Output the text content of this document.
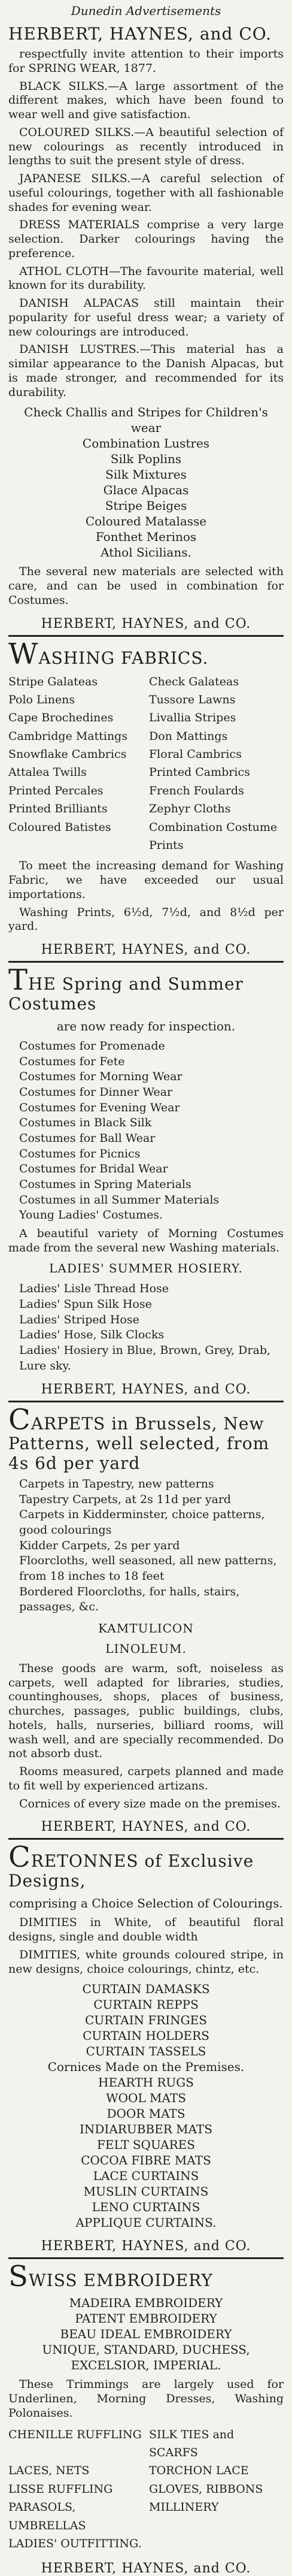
Dunedin Advertisements
HERBERT, HAYNES, and CO.
respectfully invite attention to their imports for SPRING WEAR, 1877.
BLACK SILKS.—A large assortment of the different makes, which have been found to wear well and give satisfaction.
COLOURED SILKS.—A beautiful selection of new colourings as recently introduced in lengths to suit the present style of dress.
JAPANESE SILKS.—A careful selection of useful colourings, together with all fashionable shades for evening wear.
DRESS MATERIALS comprise a very large selection. Darker colourings having the preference.
ATHOL CLOTH—The favourite material, well known for its durability.
DANISH ALPACAS still maintain their popularity for useful dress wear; a variety of new colourings are introduced.
DANISH LUSTRES.—This material has a similar appearance to the Danish Alpacas, but is made stronger, and recommended for its durability.
Check Challis and Stripes for Children's wear
Combination Lustres
Silk Poplins
Silk Mixtures
Glace Alpacas
Stripe Beiges
Coloured Matalasse
Fonthet Merinos
Athol Sicilians.
The several new materials are selected with care, and can be used in combination for Costumes.
HERBERT, HAYNES, and CO.
WASHING FABRICS.
Stripe Galateas
Polo Linens
Cape Brochedines
Cambridge Mattings
Snowflake Cambrics
Attalea Twills
Printed Percales
Printed Brilliants
Coloured Batistes
Check Galateas
Tussore Lawns
Livallia Stripes
Don Mattings
Floral Cambrics
Printed Cambrics
French Foulards
Zephyr Cloths
Combination Costume Prints
To meet the increasing demand for Washing Fabric, we have exceeded our usual importations.
Washing Prints, 6½d, 7½d, and 8½d per yard.
HERBERT, HAYNES, and CO.
THE Spring and Summer Costumes
are now ready for inspection.
Costumes for Promenade
Costumes for Fete
Costumes for Morning Wear
Costumes for Dinner Wear
Costumes for Evening Wear
Costumes in Black Silk
Costumes for Ball Wear
Costumes for Picnics
Costumes for Bridal Wear
Costumes in Spring Materials
Costumes in all Summer Materials
Young Ladies' Costumes.
A beautiful variety of Morning Costumes made from the several new Washing materials.
LADIES' SUMMER HOSIERY.
Ladies' Lisle Thread Hose
Ladies' Spun Silk Hose
Ladies' Striped Hose
Ladies' Hose, Silk Clocks
Ladies' Hosiery in Blue, Brown, Grey, Drab, Lure sky.
HERBERT, HAYNES, and CO.
CARPETS in Brussels, New Patterns, well selected, from 4s 6d per yard
Carpets in Tapestry, new patterns
Tapestry Carpets, at 2s 11d per yard
Carpets in Kidderminster, choice patterns, good colourings
Kidder Carpets, 2s per yard
Floorcloths, well seasoned, all new patterns, from 18 inches to 18 feet
Bordered Floorcloths, for halls, stairs, passages, &c.
KAMTULICON
LINOLEUM.
These goods are warm, soft, noiseless as carpets, well adapted for libraries, studies, countinghouses, shops, places of business, churches, passages, public buildings, clubs, hotels, halls, nurseries, billiard rooms, will wash well, and are specially recommended. Do not absorb dust.
Rooms measured, carpets planned and made to fit well by experienced artizans.
Cornices of every size made on the premises.
HERBERT, HAYNES, and CO.
CRETONNES of Exclusive Designs,
comprising a Choice Selection of Colourings.
DIMITIES in White, of beautiful floral designs, single and double width
DIMITIES, white grounds coloured stripe, in new designs, choice colourings, chintz, etc.
CURTAIN DAMASKS
CURTAIN REPPS
CURTAIN FRINGES
CURTAIN HOLDERS
CURTAIN TASSELS
Cornices Made on the Premises.
HEARTH RUGS
WOOL MATS
DOOR MATS
INDIARUBBER MATS
FELT SQUARES
COCOA FIBRE MATS
LACE CURTAINS
MUSLIN CURTAINS
LENO CURTAINS
APPLIQUE CURTAINS.
HERBERT, HAYNES, and CO.
SWISS EMBROIDERY
MADEIRA EMBROIDERY
PATENT EMBROIDERY
BEAU IDEAL EMBROIDERY
UNIQUE, STANDARD, DUCHESS,
EXCELSIOR, IMPERIAL.
These Trimmings are largely used for Underlinen, Morning Dresses, Washing Polonaises.
CHENILLE RUFFLING SILK TIES and SCARFS
LACES, NETS	TORCHON LACE
LISSE RUFFLING	GLOVES, RIBBONS
PARASOLS, UMBRELLAS
MILLINERY
LADIES' OUTFITTING.
HERBERT, HAYNES, and CO.
